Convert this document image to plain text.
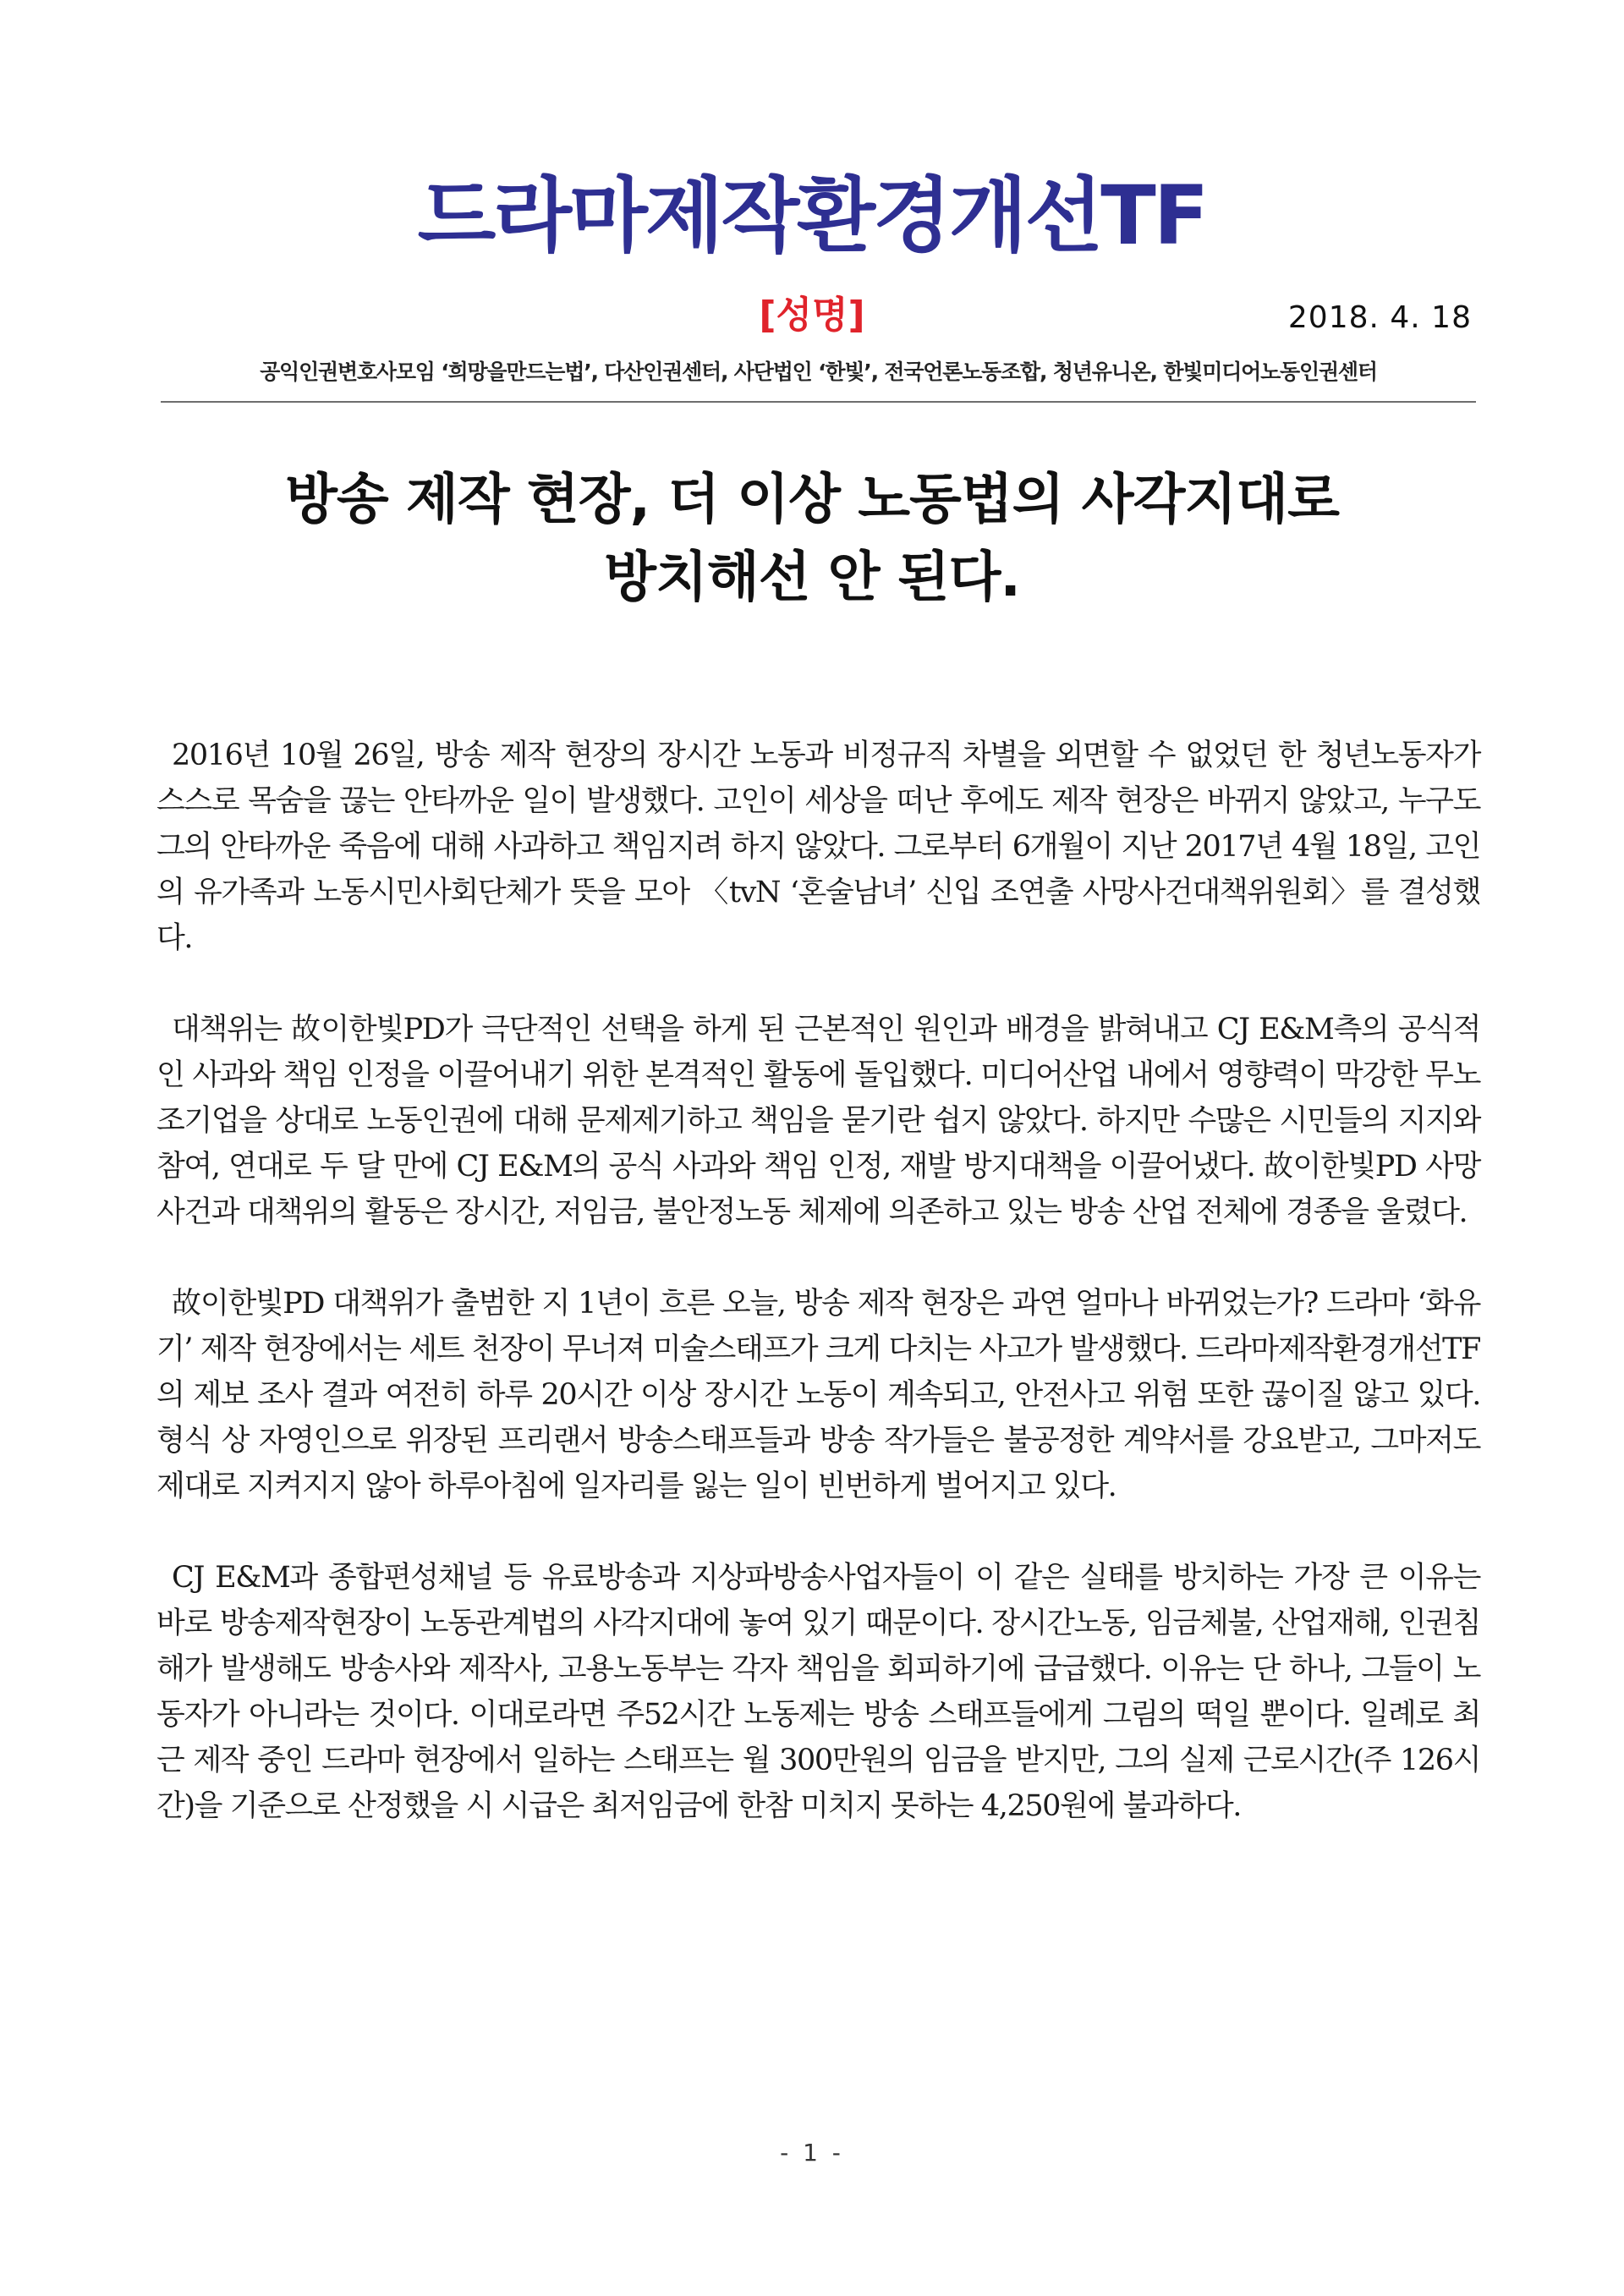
드라마제작환경개선TF
[성명]	2018. 4. 18
공익인권변호사모임 ‘희망을만드는법’, 다산인권센터, 사단법인 ‘한빛’, 전국언론노동조합, 청년유니온, 한빛미디어노동인권센터
방송 제작 현장, 더 이상 노동법의 사각지대로
방치해선 안 된다.

2016년 10월 26일, 방송 제작 현장의 장시간 노동과 비정규직 차별을 외면할 수 없었던 한 청년노동자가 스스로 목숨을 끊는 안타까운 일이 발생했다. 고인이 세상을 떠난 후에도 제작 현장은 바뀌지 않았고, 누구도 그의 안타까운 죽음에 대해 사과하고 책임지려 하지 않았다. 그로부터 6개월이 지난 2017년 4월 18일, 고인의 유가족과 노동시민사회단체가 뜻을 모아 〈tvN ‘혼술남녀’ 신입 조연출 사망사건대책위원회〉를 결성했다.

대책위는 故이한빛PD가 극단적인 선택을 하게 된 근본적인 원인과 배경을 밝혀내고 CJ E&M측의 공식적인 사과와 책임 인정을 이끌어내기 위한 본격적인 활동에 돌입했다. 미디어산업 내에서 영향력이 막강한 무노조기업을 상대로 노동인권에 대해 문제제기하고 책임을 묻기란 쉽지 않았다. 하지만 수많은 시민들의 지지와 참여, 연대로 두 달 만에 CJ E&M의 공식 사과와 책임 인정, 재발 방지대책을 이끌어냈다. 故이한빛PD 사망 사건과 대책위의 활동은 장시간, 저임금, 불안정노동 체제에 의존하고 있는 방송 산업 전체에 경종을 울렸다.

故이한빛PD 대책위가 출범한 지 1년이 흐른 오늘, 방송 제작 현장은 과연 얼마나 바뀌었는가? 드라마 ‘화유기’ 제작 현장에서는 세트 천장이 무너져 미술스태프가 크게 다치는 사고가 발생했다. 드라마제작환경개선TF의 제보 조사 결과 여전히 하루 20시간 이상 장시간 노동이 계속되고, 안전사고 위험 또한 끊이질 않고 있다. 형식 상 자영인으로 위장된 프리랜서 방송스태프들과 방송 작가들은 불공정한 계약서를 강요받고, 그마저도 제대로 지켜지지 않아 하루아침에 일자리를 잃는 일이 빈번하게 벌어지고 있다.

CJ E&M과 종합편성채널 등 유료방송과 지상파방송사업자들이 이 같은 실태를 방치하는 가장 큰 이유는 바로 방송제작현장이 노동관계법의 사각지대에 놓여 있기 때문이다. 장시간노동, 임금체불, 산업재해, 인권침해가 발생해도 방송사와 제작사, 고용노동부는 각자 책임을 회피하기에 급급했다. 이유는 단 하나, 그들이 노동자가 아니라는 것이다. 이대로라면 주52시간 노동제는 방송 스태프들에게 그림의 떡일 뿐이다. 일례로 최근 제작 중인 드라마 현장에서 일하는 스태프는 월 300만원의 임금을 받지만, 그의 실제 근로시간(주 126시간)을 기준으로 산정했을 시 시급은 최저임금에 한참 미치지 못하는 4,250원에 불과하다.

- 1 -
